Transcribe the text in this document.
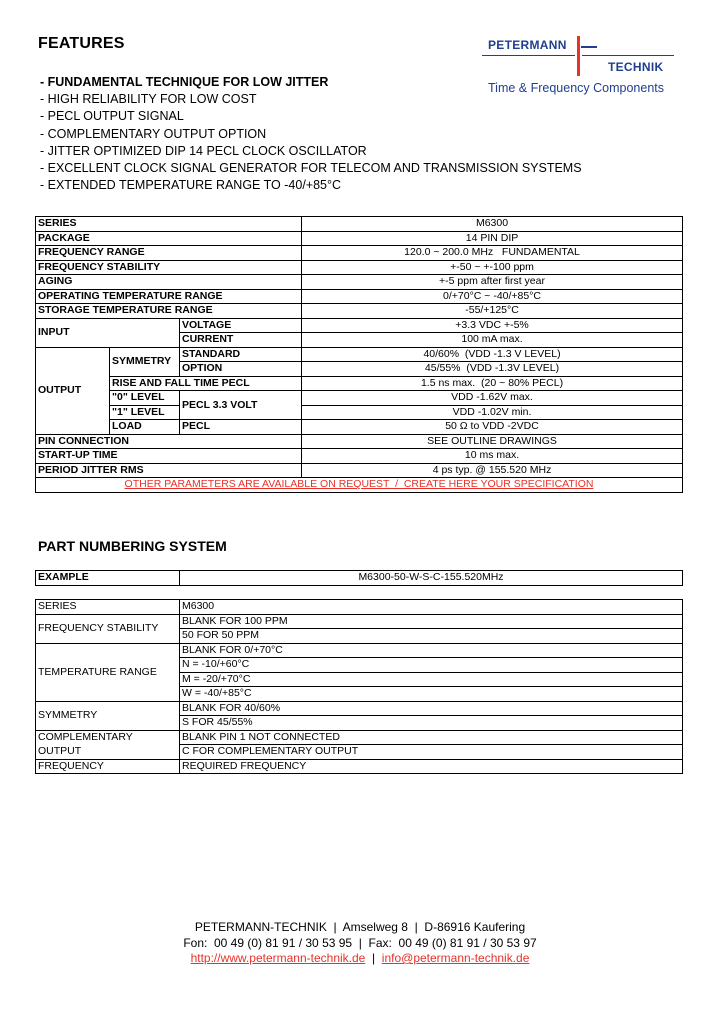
FEATURES
- FUNDAMENTAL TECHNIQUE FOR LOW JITTER
- HIGH RELIABILITY FOR LOW COST
- PECL OUTPUT SIGNAL
- COMPLEMENTARY OUTPUT OPTION
- JITTER OPTIMIZED DIP 14 PECL CLOCK OSCILLATOR
- EXCELLENT CLOCK SIGNAL GENERATOR FOR TELECOM AND TRANSMISSION SYSTEMS
- EXTENDED TEMPERATURE RANGE TO -40/+85°C
PETERMANN
TECHNIK
Time & Frequency Components
SERIES			M6300
PACKAGE			14 PIN DIP
FREQUENCY RANGE			120.0 ~ 200.0 MHz   FUNDAMENTAL
FREQUENCY STABILITY			+-50 ~ +-100 ppm
AGING			+-5 ppm after first year
OPERATING TEMPERATURE RANGE			0/+70°C ~ -40/+85°C
STORAGE TEMPERATURE RANGE			-55/+125°C
INPUT		VOLTAGE	+3.3 VDC +-5%
		CURRENT	100 mA max.
OUTPUT	SYMMETRY	STANDARD	40/60%  (VDD -1.3 V LEVEL)
		OPTION	45/55%  (VDD -1.3V LEVEL)
	RISE AND FALL TIME PECL		1.5 ns max.  (20 ~ 80% PECL)
	"0" LEVEL	PECL 3.3 VOLT	VDD -1.62V max.
	"1" LEVEL		VDD -1.02V min.
	LOAD	PECL	50 Ω to VDD -2VDC
PIN CONNECTION			SEE OUTLINE DRAWINGS
START-UP TIME			10 ms max.
PERIOD JITTER RMS			4 ps typ. @ 155.520 MHz
OTHER PARAMETERS ARE AVAILABLE ON REQUEST  /  CREATE HERE YOUR SPECIFICATION			
PART NUMBERING SYSTEM
EXAMPLE	M6300-50-W-S-C-155.520MHz
SERIES	M6300
FREQUENCY STABILITY	BLANK FOR 100 PPM
	50 FOR 50 PPM
TEMPERATURE RANGE	BLANK FOR 0/+70°C
	N = -10/+60°C
	M = -20/+70°C
	W = -40/+85°C
SYMMETRY	BLANK FOR 40/60%
	S FOR 45/55%
COMPLEMENTARY	BLANK PIN 1 NOT CONNECTED
OUTPUT	C FOR COMPLEMENTARY OUTPUT
FREQUENCY	REQUIRED FREQUENCY
PETERMANN-TECHNIK  |  Amselweg 8  |  D-86916 Kaufering
Fon:  00 49 (0) 81 91 / 30 53 95  |  Fax:  00 49 (0) 81 91 / 30 53 97
http://www.petermann-technik.de  |  info@petermann-technik.de
